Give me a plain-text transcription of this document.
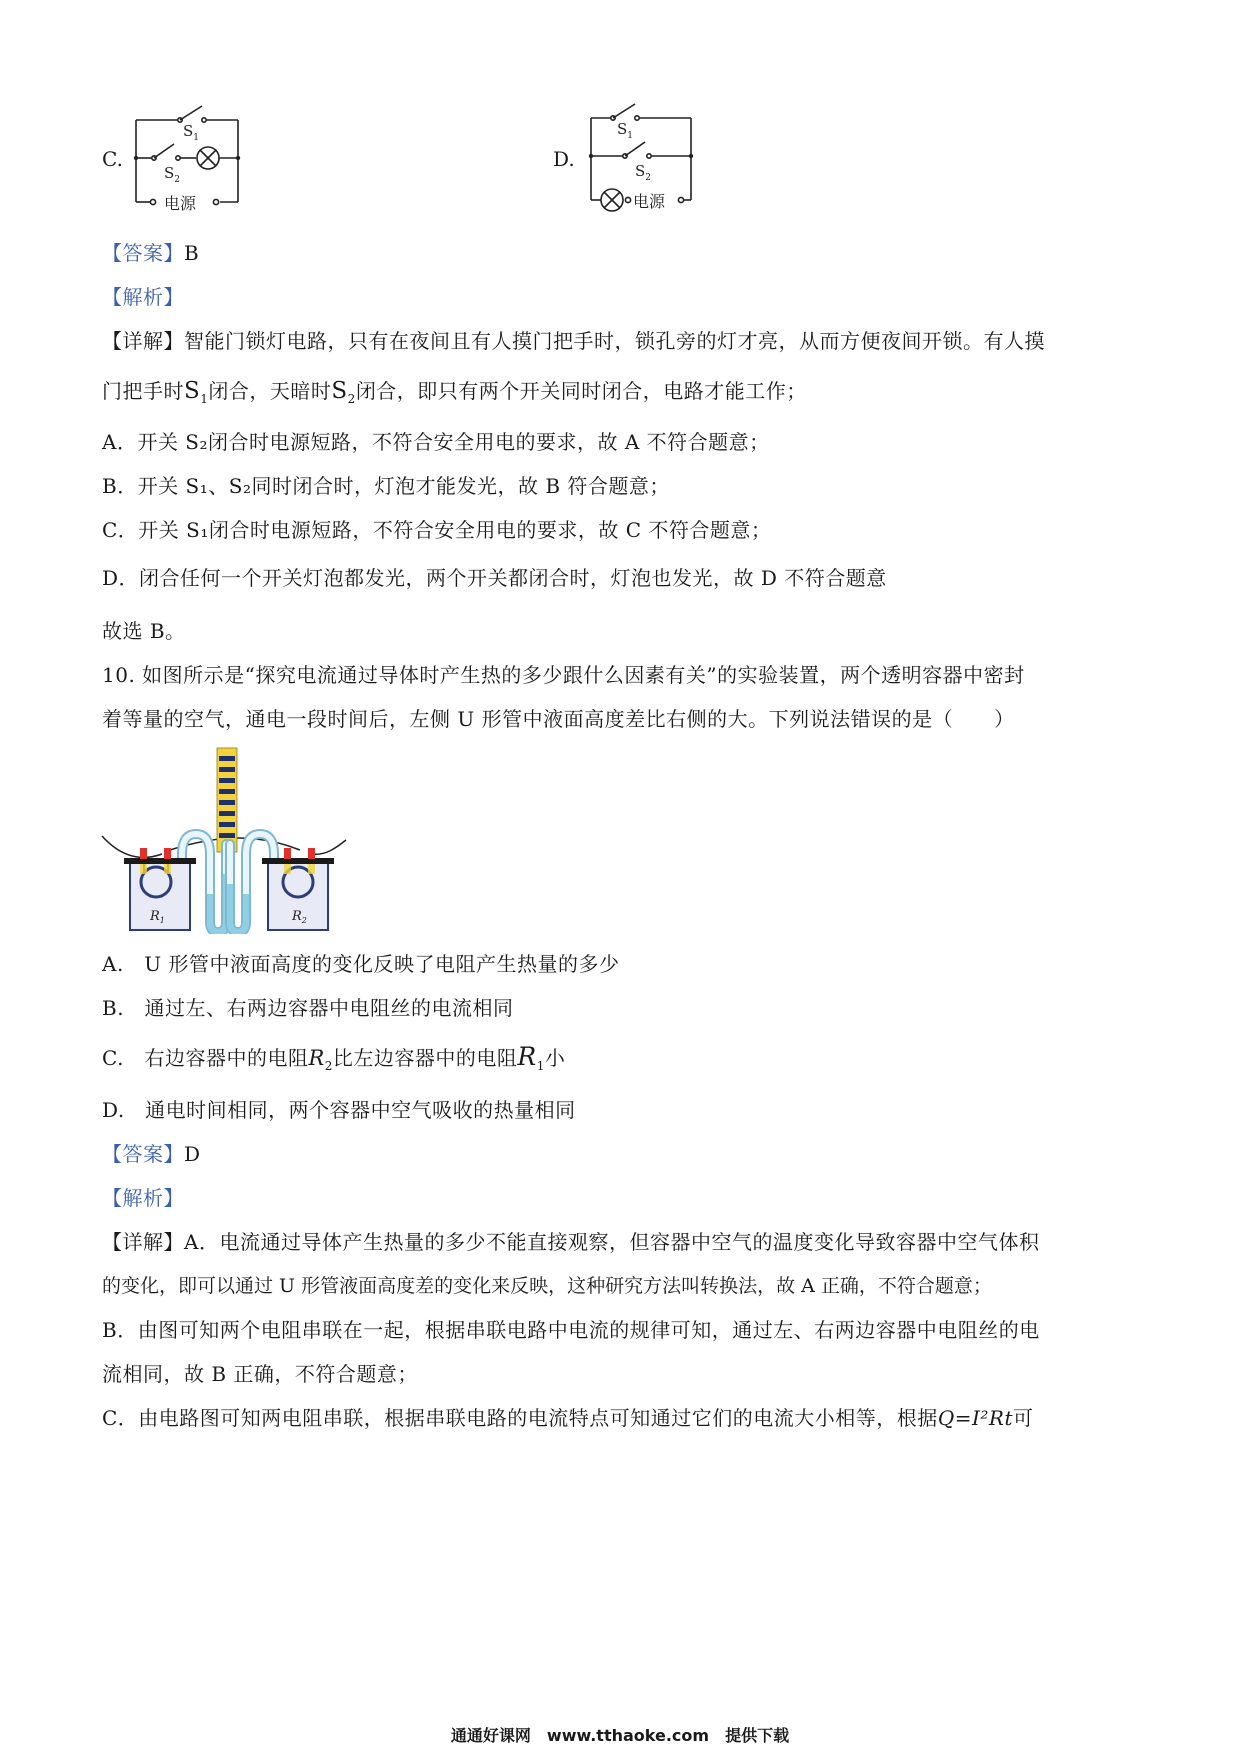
C.
$S_1$
$S_2$
电源
D.
$S_1$
$S_2$
电源
【答案】B
【解析】
【详解】智能门锁灯电路，只有在夜间且有人摸门把手时，锁孔旁的灯才亮，从而方便夜间开锁。有人摸
门把手时$S_1$闭合，天暗时$S_2$闭合，即只有两个开关同时闭合，电路才能工作；
A．开关 S₂闭合时电源短路，不符合安全用电的要求，故 A 不符合题意；
B．开关 S₁、S₂同时闭合时，灯泡才能发光，故 B 符合题意；
C．开关 S₁闭合时电源短路，不符合安全用电的要求，故 C 不符合题意；
D．闭合任何一个开关灯泡都发光，两个开关都闭合时，灯泡也发光，故 D 不符合题意
故选 B。
10. 如图所示是“探究电流通过导体时产生热的多少跟什么因素有关”的实验装置，两个透明容器中密封
着等量的空气，通电一段时间后，左侧 U 形管中液面高度差比右侧的大。下列说法错误的是（　　）
$R_1$	$R_2$
A.　U 形管中液面高度的变化反映了电阻产生热量的多少
B.　通过左、右两边容器中电阻丝的电流相同
C.　右边容器中的电阻$R_2$比左边容器中的电阻$R_1$小
D.　通电时间相同，两个容器中空气吸收的热量相同
【答案】D
【解析】
【详解】A．电流通过导体产生热量的多少不能直接观察，但容器中空气的温度变化导致容器中空气体积
的变化，即可以通过 U 形管液面高度差的变化来反映，这种研究方法叫转换法，故 A 正确，不符合题意；
B．由图可知两个电阻串联在一起，根据串联电路中电流的规律可知，通过左、右两边容器中电阻丝的电
流相同，故 B 正确，不符合题意；
C．由电路图可知两电阻串联，根据串联电路的电流特点可知通过它们的电流大小相等，根据Q=I²Rt可
通通好课网　www.tthaoke.com　提供下载
